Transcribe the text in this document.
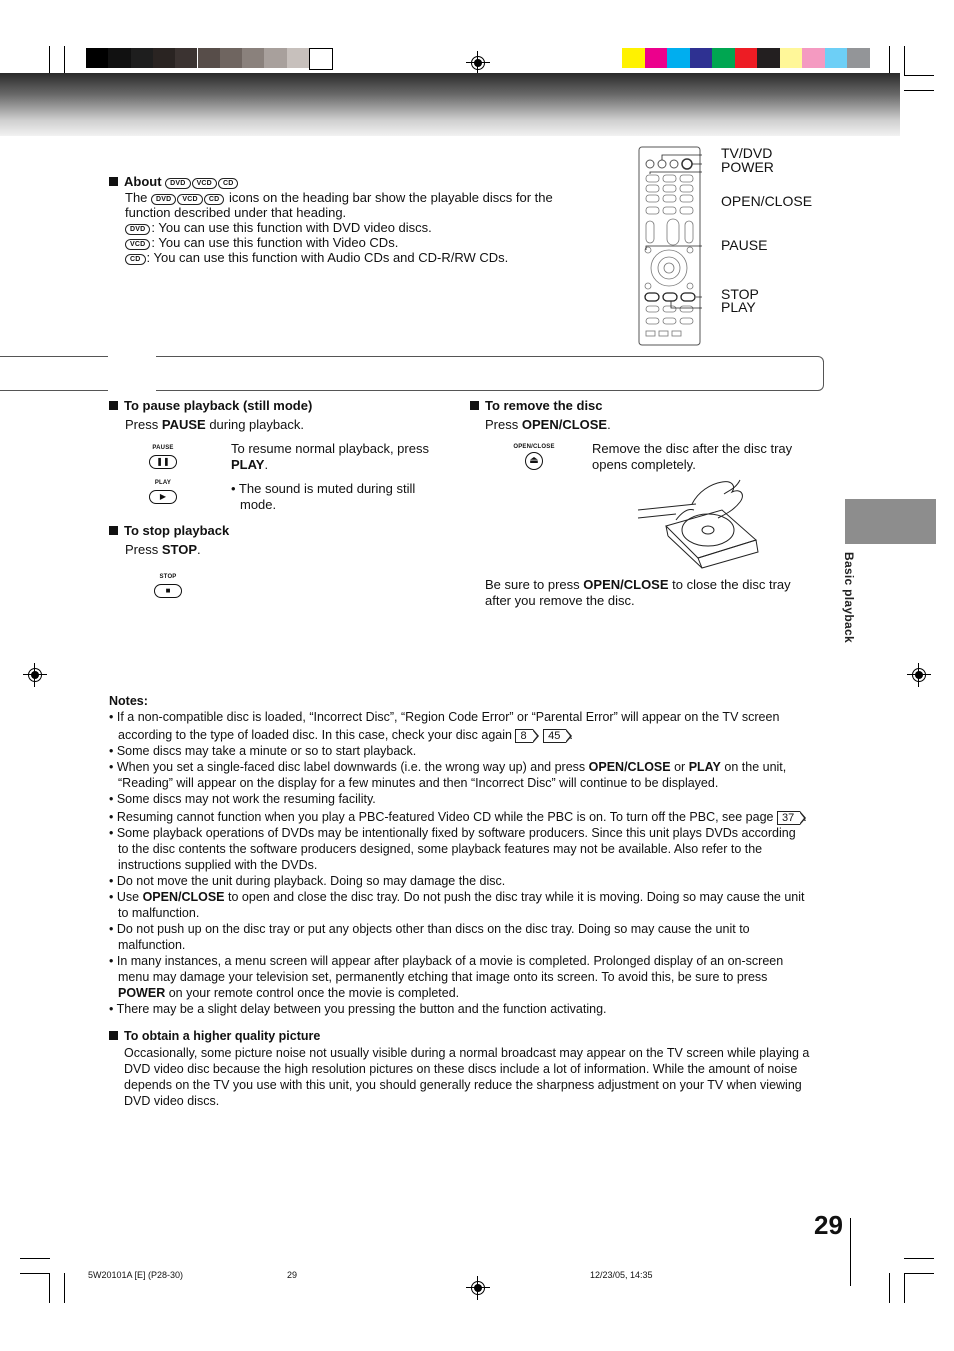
About DVD VCD CD
The DVD VCD CD icons on the heading bar show the playable discs for the
function described under that heading.
DVD : You can use this function with DVD video discs.
VCD : You can use this function with Video CDs.
CD : You can use this function with Audio CDs and CD-R/RW CDs.
TV/DVD
POWER
OPEN/CLOSE
PAUSE
STOP
PLAY
To pause playback (still mode)
Press PAUSE during playback.
PAUSE
❚❚
PLAY
▶
To resume normal playback, press
PLAY.
• The sound is muted during still
mode.
To stop playback
Press STOP.
STOP
■
To remove the disc
Press OPEN/CLOSE.
OPEN/CLOSE
⏏
Remove the disc after the disc tray
opens completely.
Be sure to press OPEN/CLOSE to close the disc tray
after you remove the disc.	Basic playback

Notes:

• If a non-compatible disc is loaded, “Incorrect Disc”, “Region Code Error” or “Parental Error” will appear on the TV screen

according to the type of loaded disc. In this case, check your disc again 8 45 .

• Some discs may take a minute or so to start playback.

• When you set a single-faced disc label downwards (i.e. the wrong way up) and press OPEN/CLOSE or PLAY on the unit,

“Reading” will appear on the display for a few minutes and then “Incorrect Disc” will continue to be displayed.

• Some discs may not work the resuming facility.

• Resuming cannot function when you play a PBC-featured Video CD while the PBC is on. To turn off the PBC, see page 37 .

• Some playback operations of DVDs may be intentionally fixed by software producers. Since this unit plays DVDs according

to the disc contents the software producers designed, some playback features may not be available. Also refer to the

instructions supplied with the DVDs.

• Do not move the unit during playback. Doing so may damage the disc.

• Use OPEN/CLOSE to open and close the disc tray. Do not push the disc tray while it is moving. Doing so may cause the unit

to malfunction.

• Do not push up on the disc tray or put any objects other than discs on the disc tray. Doing so may cause the unit to

malfunction.

• In many instances, a menu screen will appear after playback of a movie is completed. Prolonged display of an on-screen

menu may damage your television set, permanently etching that image onto its screen. To avoid this, be sure to press

POWER on your remote control once the movie is completed.

• There may be a slight delay between you pressing the button and the function activating.

To obtain a higher quality picture
Occasionally, some picture noise not usually visible during a normal broadcast may appear on the TV screen while playing a
DVD video disc because the high resolution pictures on these discs include a lot of information. While the amount of noise
depends on the TV you use with this unit, you should generally reduce the sharpness adjustment on your TV when viewing
DVD video discs.
29
5W20101A [E] (P28-30)	29	12/23/05, 14:35
